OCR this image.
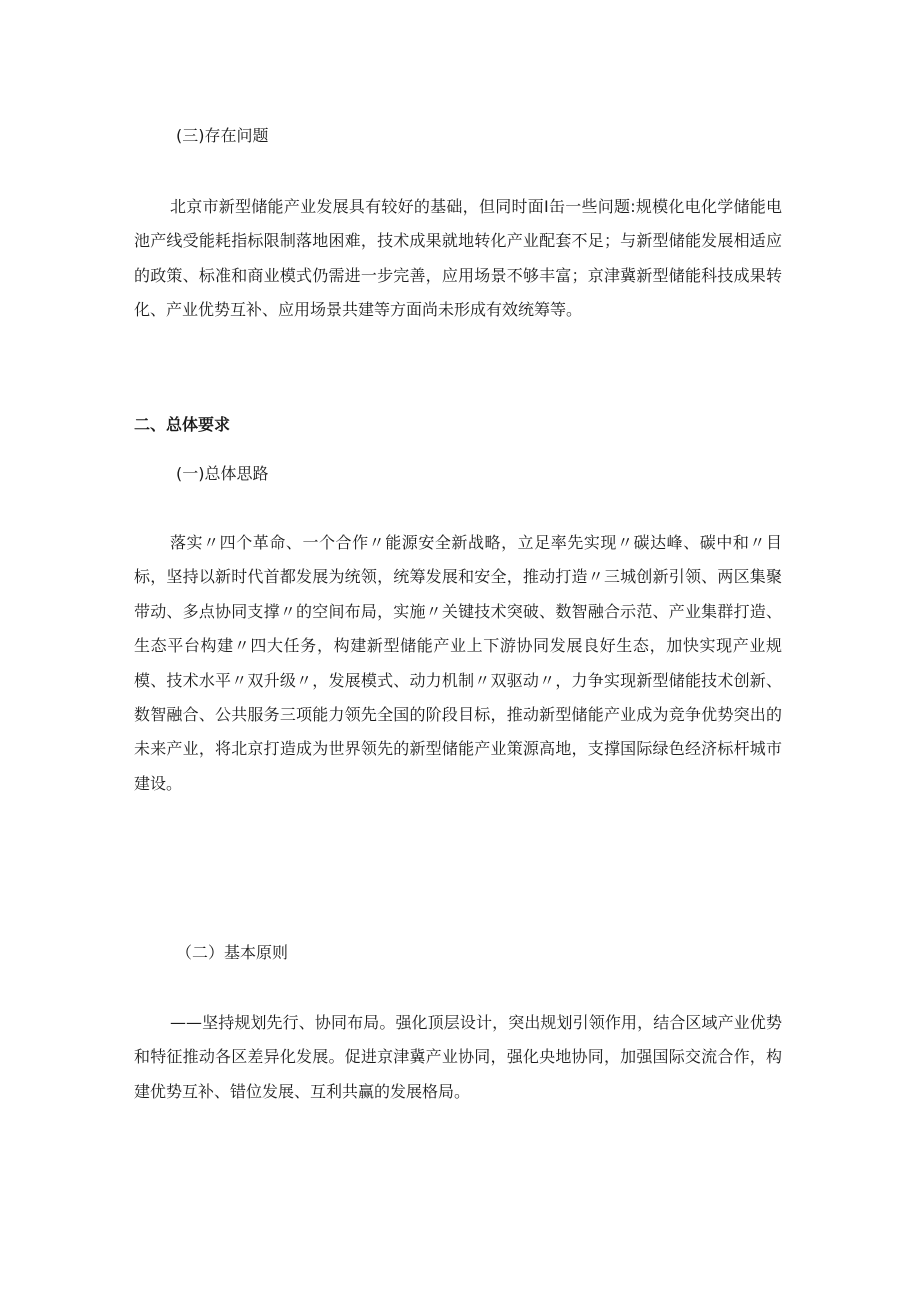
(三)存在问题

北京市新型储能产业发展具有较好的基础，但同时面I缶一些问题:规模化电化学储能电池产线受能耗指标限制落地困难，技术成果就地转化产业配套不足；与新型储能发展相适应的政策、标准和商业模式仍需进一步完善，应用场景不够丰富；京津冀新型储能科技成果转化、产业优势互补、应用场景共建等方面尚未形成有效统筹等。

二、总体要求
(一)总体思路

落实〃四个革命、一个合作〃能源安全新战略，立足率先实现〃碳达峰、碳中和〃目标，坚持以新时代首都发展为统领，统筹发展和安全，推动打造〃三城创新引领、两区集聚带动、多点协同支撑〃的空间布局，实施〃关键技术突破、数智融合示范、产业集群打造、生态平台构建〃四大任务，构建新型储能产业上下游协同发展良好生态，加快实现产业规模、技术水平〃双升级〃，发展模式、动力机制〃双驱动〃，力争实现新型储能技术创新、数智融合、公共服务三项能力领先全国的阶段目标，推动新型储能产业成为竞争优势突出的未来产业，将北京打造成为世界领先的新型储能产业策源高地，支撑国际绿色经济标杆城市建设。

（二）基本原则

——坚持规划先行、协同布局。强化顶层设计，突出规划引领作用，结合区域产业优势和特征推动各区差异化发展。促进京津冀产业协同，强化央地协同，加强国际交流合作，构建优势互补、错位发展、互利共赢的发展格局。
